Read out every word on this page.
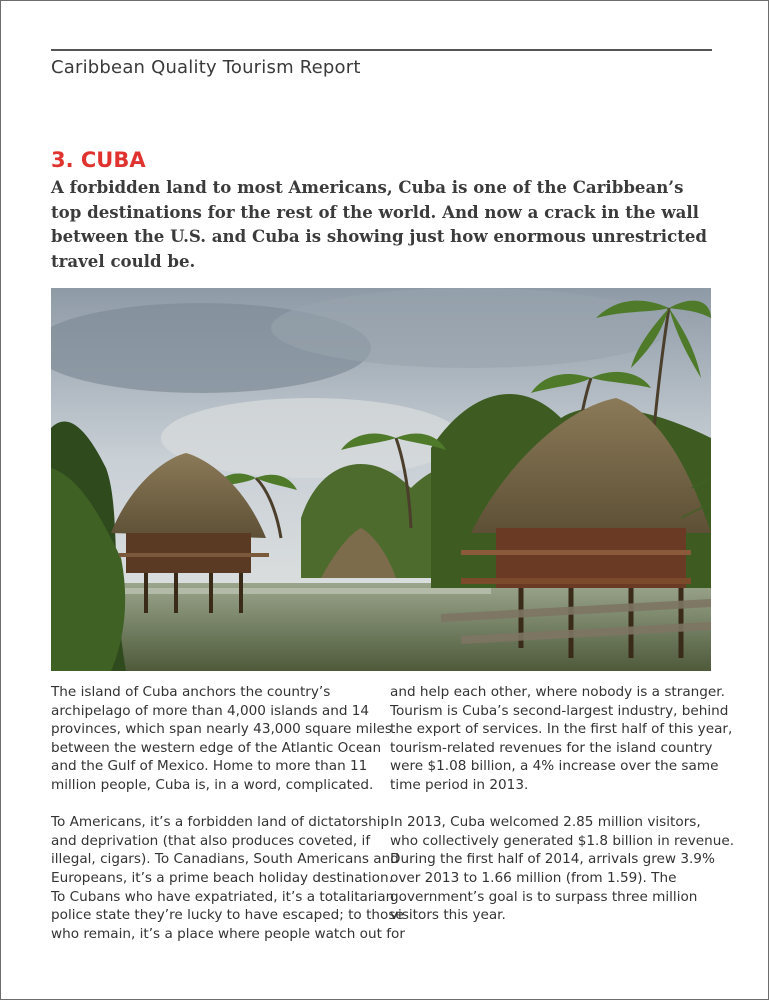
Caribbean Quality Tourism Report
3. CUBA
A forbidden land to most Americans, Cuba is one of the Caribbean’s
top destinations for the rest of the world. And now a crack in the wall
between the U.S. and Cuba is showing just how enormous unrestricted
travel could be.

The island of Cuba anchors the country’s
archipelago of more than 4,000 islands and 14
provinces, which span nearly 43,000 square miles
between the western edge of the Atlantic Ocean
and the Gulf of Mexico. Home to more than 11
million people, Cuba is, in a word, complicated.

To Americans, it’s a forbidden land of dictatorship
and deprivation (that also produces coveted, if
illegal, cigars). To Canadians, South Americans and
Europeans, it’s a prime beach holiday destination.
To Cubans who have expatriated, it’s a totalitarian
police state they’re lucky to have escaped; to those
who remain, it’s a place where people watch out for

and help each other, where nobody is a stranger.
Tourism is Cuba’s second-largest industry, behind
the export of services. In the first half of this year,
tourism-related revenues for the island country
were $1.08 billion, a 4% increase over the same
time period in 2013.

In 2013, Cuba welcomed 2.85 million visitors,
who collectively generated $1.8 billion in revenue.
During the first half of 2014, arrivals grew 3.9%
over 2013 to 1.66 million (from 1.59). The
government’s goal is to surpass three million
visitors this year.
